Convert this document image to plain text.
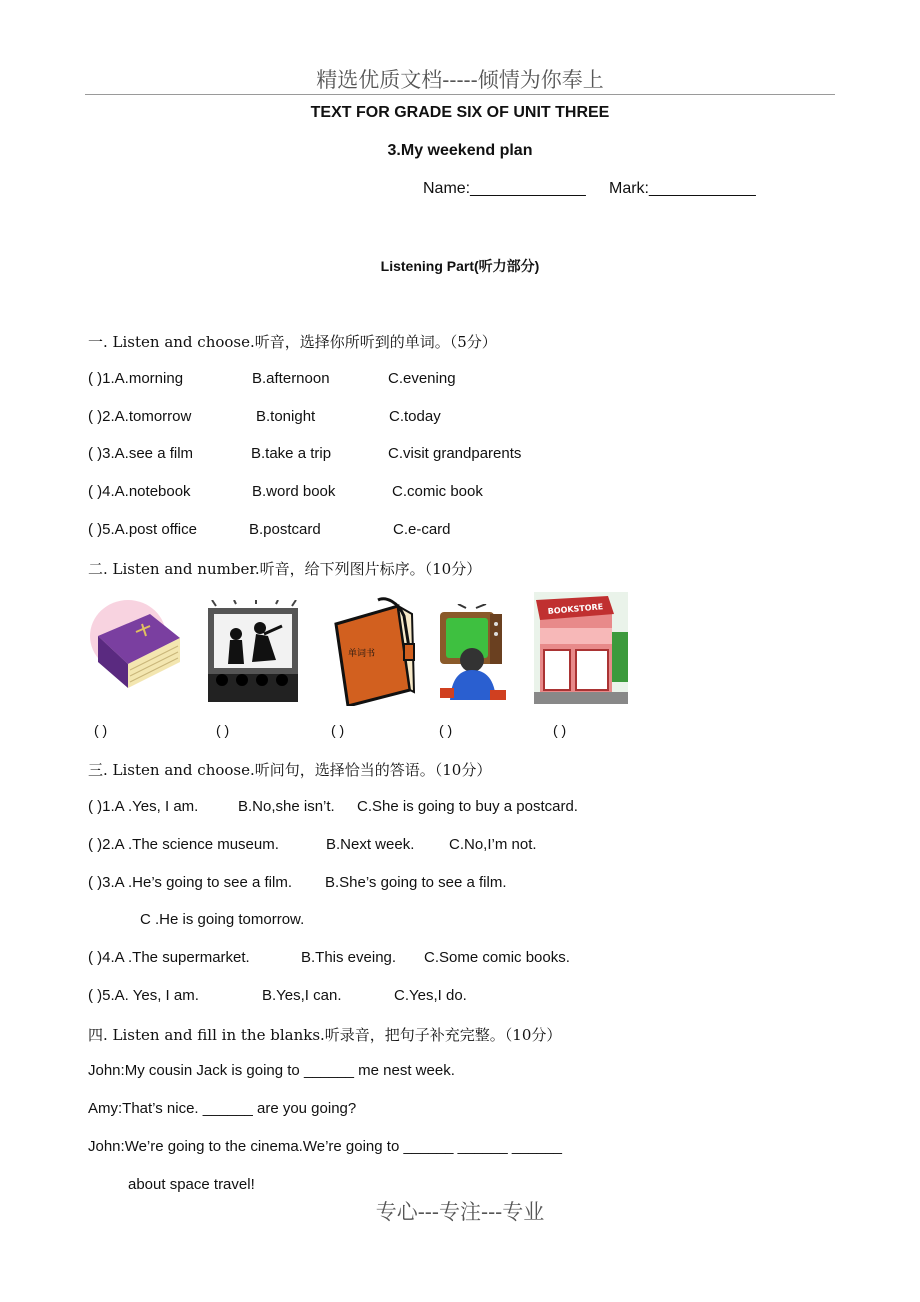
精选优质文档-----倾情为你奉上
TEXT FOR GRADE SIX OF UNIT THREE
3.My weekend plan
Name:_____________ Mark:____________
Listening Part(听力部分)
一. Listen and choose.听音，选择你所听到的单词。（5分）
( )1.A.morning	B.afternoon	C.evening
( )2.A.tomorrow	B.tonight	C.today
( )3.A.see a film	B.take a trip	C.visit grandparents
( )4.A.notebook	B.word book	C.comic book
( )5.A.post office	B.postcard	C.e-card
二. Listen and number.听音，给下列图片标序。（10分）
单词书
BOOKSTORE
( )	( )	( )	( )	( )
三. Listen and choose.听问句，选择恰当的答语。（10分）
( )1.A .Yes, I am.	B.No,she isn’t. C.She is going to buy a postcard.
( )2.A .The science museum.	B.Next week. C.No,I’m not.
( )3.A .He’s going to see a film. B.She’s going to see a film.
C .He is going tomorrow.
( )4.A .The supermarket.	B.This eveing. C.Some comic books.
( )5.A. Yes, I am.	B.Yes,I can.	C.Yes,I do.
四. Listen and fill in the blanks.听录音，把句子补充完整。（10分）
John:My cousin Jack is going to ______ me nest week.
Amy:That’s nice. ______ are you going?
John:We’re going to the cinema.We’re going to ______ ______ ______
about space travel!
专心---专注---专业
